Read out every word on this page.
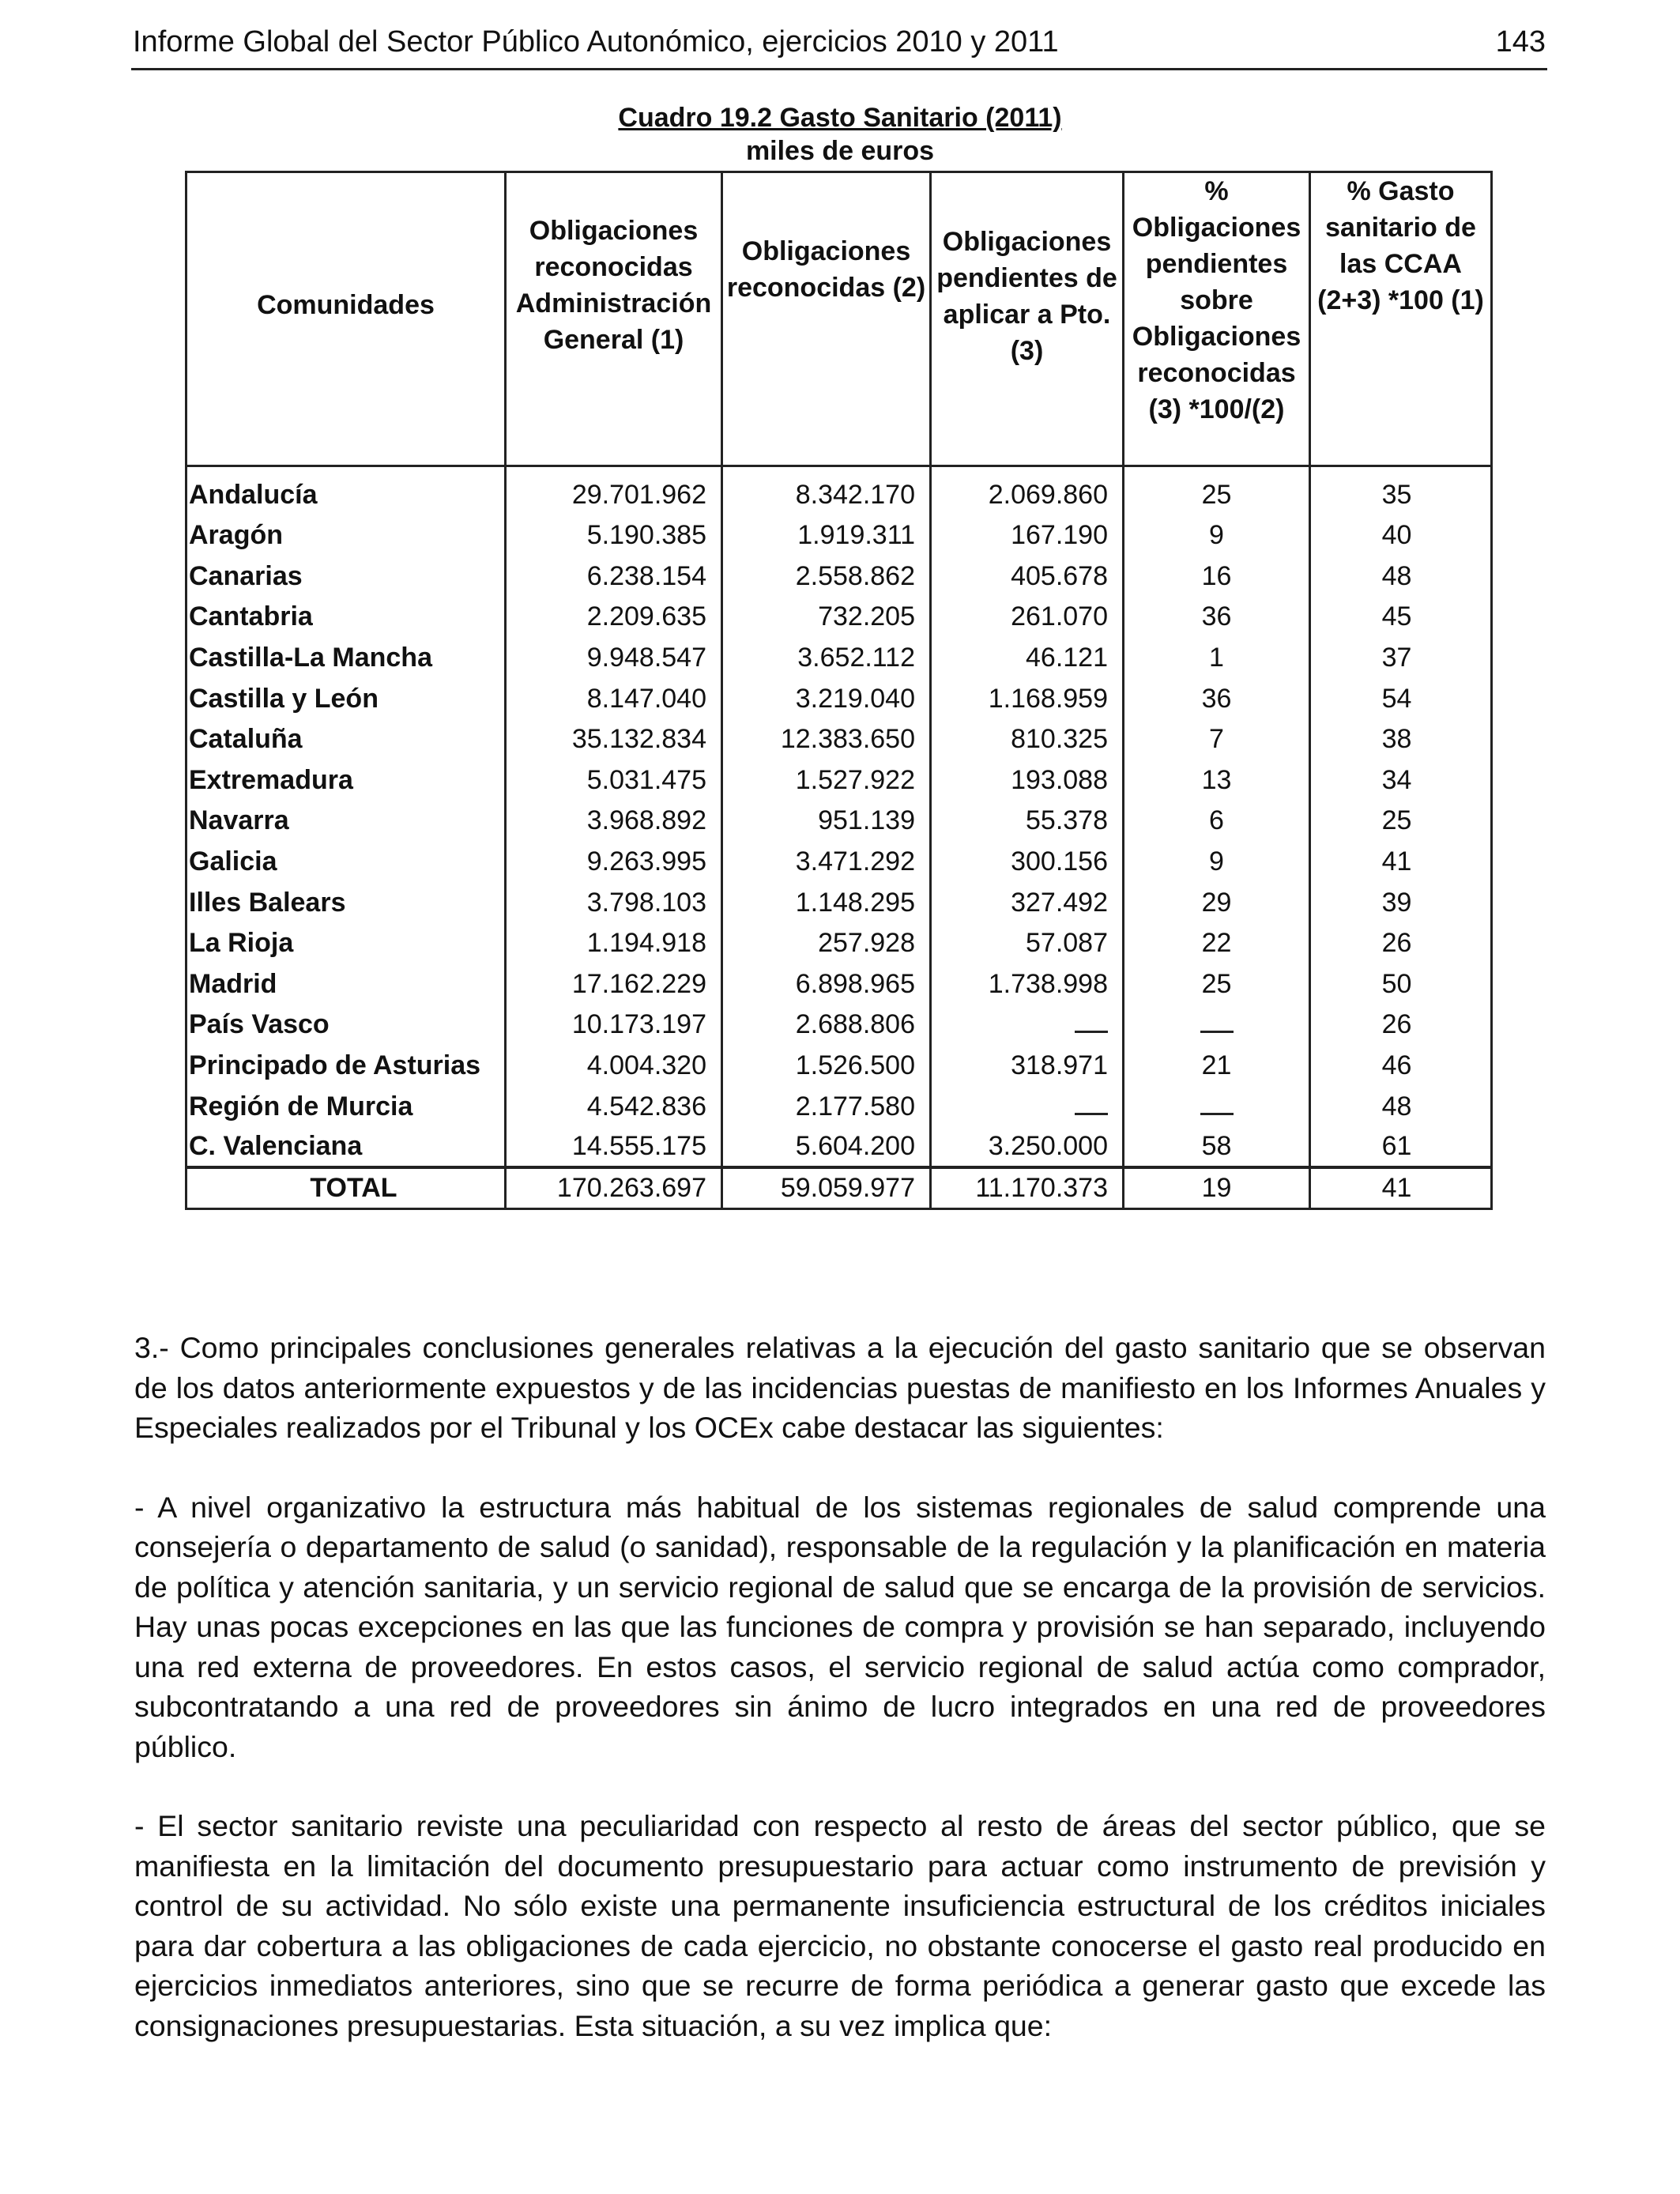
Informe Global del Sector Público Autonómico, ejercicios 2010 y 2011	143
Cuadro 19.2 Gasto Sanitario (2011)
miles de euros
Comunidades	Obligaciones reconocidas Administración General (1)	Obligaciones reconocidas (2)	Obligaciones pendientes de aplicar a Pto. (3)	% Obligaciones pendientes sobre Obligaciones reconocidas (3) *100/(2)	% Gasto sanitario de las CCAA (2+3) *100 (1)

Andalucía	29.701.962	8.342.170	2.069.860	25	35
Aragón	5.190.385	1.919.311	167.190	9	40
Canarias	6.238.154	2.558.862	405.678	16	48
Cantabria	2.209.635	732.205	261.070	36	45
Castilla-La Mancha	9.948.547	3.652.112	46.121	1	37
Castilla y León	8.147.040	3.219.040	1.168.959	36	54
Cataluña	35.132.834	12.383.650	810.325	7	38
Extremadura	5.031.475	1.527.922	193.088	13	34
Navarra	3.968.892	951.139	55.378	6	25
Galicia	9.263.995	3.471.292	300.156	9	41
Illes Balears	3.798.103	1.148.295	327.492	29	39
La Rioja	1.194.918	257.928	57.087	22	26
Madrid	17.162.229	6.898.965	1.738.998	25	50
País Vasco	10.173.197	2.688.806			26
Principado de Asturias	4.004.320	1.526.500	318.971	21	46
Región de Murcia	4.542.836	2.177.580			48
C. Valenciana	14.555.175	5.604.200	3.250.000	58	61
TOTAL	170.263.697	59.059.977	11.170.373	19	41

3.- Como principales conclusiones generales relativas a la ejecución del gasto sanitario que se observan de los datos anteriormente expuestos y de las incidencias puestas de manifiesto en los Informes Anuales y Especiales realizados por el Tribunal y los OCEx cabe destacar las siguientes:

- A nivel organizativo la estructura más habitual de los sistemas regionales de salud comprende una consejería o departamento de salud (o sanidad), responsable de la regulación y la planificación en materia de política y atención sanitaria, y un servicio regional de salud que se encarga de la provisión de servicios. Hay unas pocas excepciones en las que las funciones de compra y provisión se han separado, incluyendo una red externa de proveedores. En estos casos, el servicio regional de salud actúa como comprador, subcontratando a una red de proveedores sin ánimo de lucro integrados en una red de proveedores público.

- El sector sanitario reviste una peculiaridad con respecto al resto de áreas del sector público, que se manifiesta en la limitación del documento presupuestario para actuar como instrumento de previsión y control de su actividad. No sólo existe una permanente insuficiencia estructural de los créditos iniciales para dar cobertura a las obligaciones de cada ejercicio, no obstante conocerse el gasto real producido en ejercicios inmediatos anteriores, sino que se recurre de forma periódica a generar gasto que excede las consignaciones presupuestarias. Esta situación, a su vez implica que:
